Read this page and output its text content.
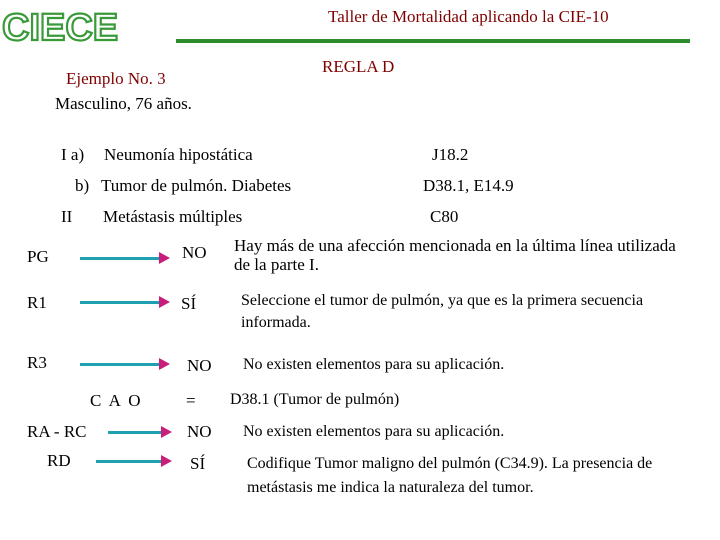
CIECE	Taller de Mortalidad aplicando la CIE-10
REGLA D
Ejemplo No. 3
Masculino, 76 años.
I a) Neumonía hipostática	J18.2
b) Tumor de pulmón. Diabetes	D38.1, E14.9
II Metástasis múltiples	C80
PG	NO Hay más de una afección mencionada en la última línea utilizada de la parte I.
R1	SÍ	Seleccione el tumor de pulmón, ya que es la primera secuencia informada.
R3	NO No existen elementos para su aplicación.
C A O	= D38.1 (Tumor de pulmón)
RA - RC	NO No existen elementos para su aplicación.
RD	SÍ	Codifique Tumor maligno del pulmón (C34.9). La presencia de metástasis me indica la naturaleza del tumor.
